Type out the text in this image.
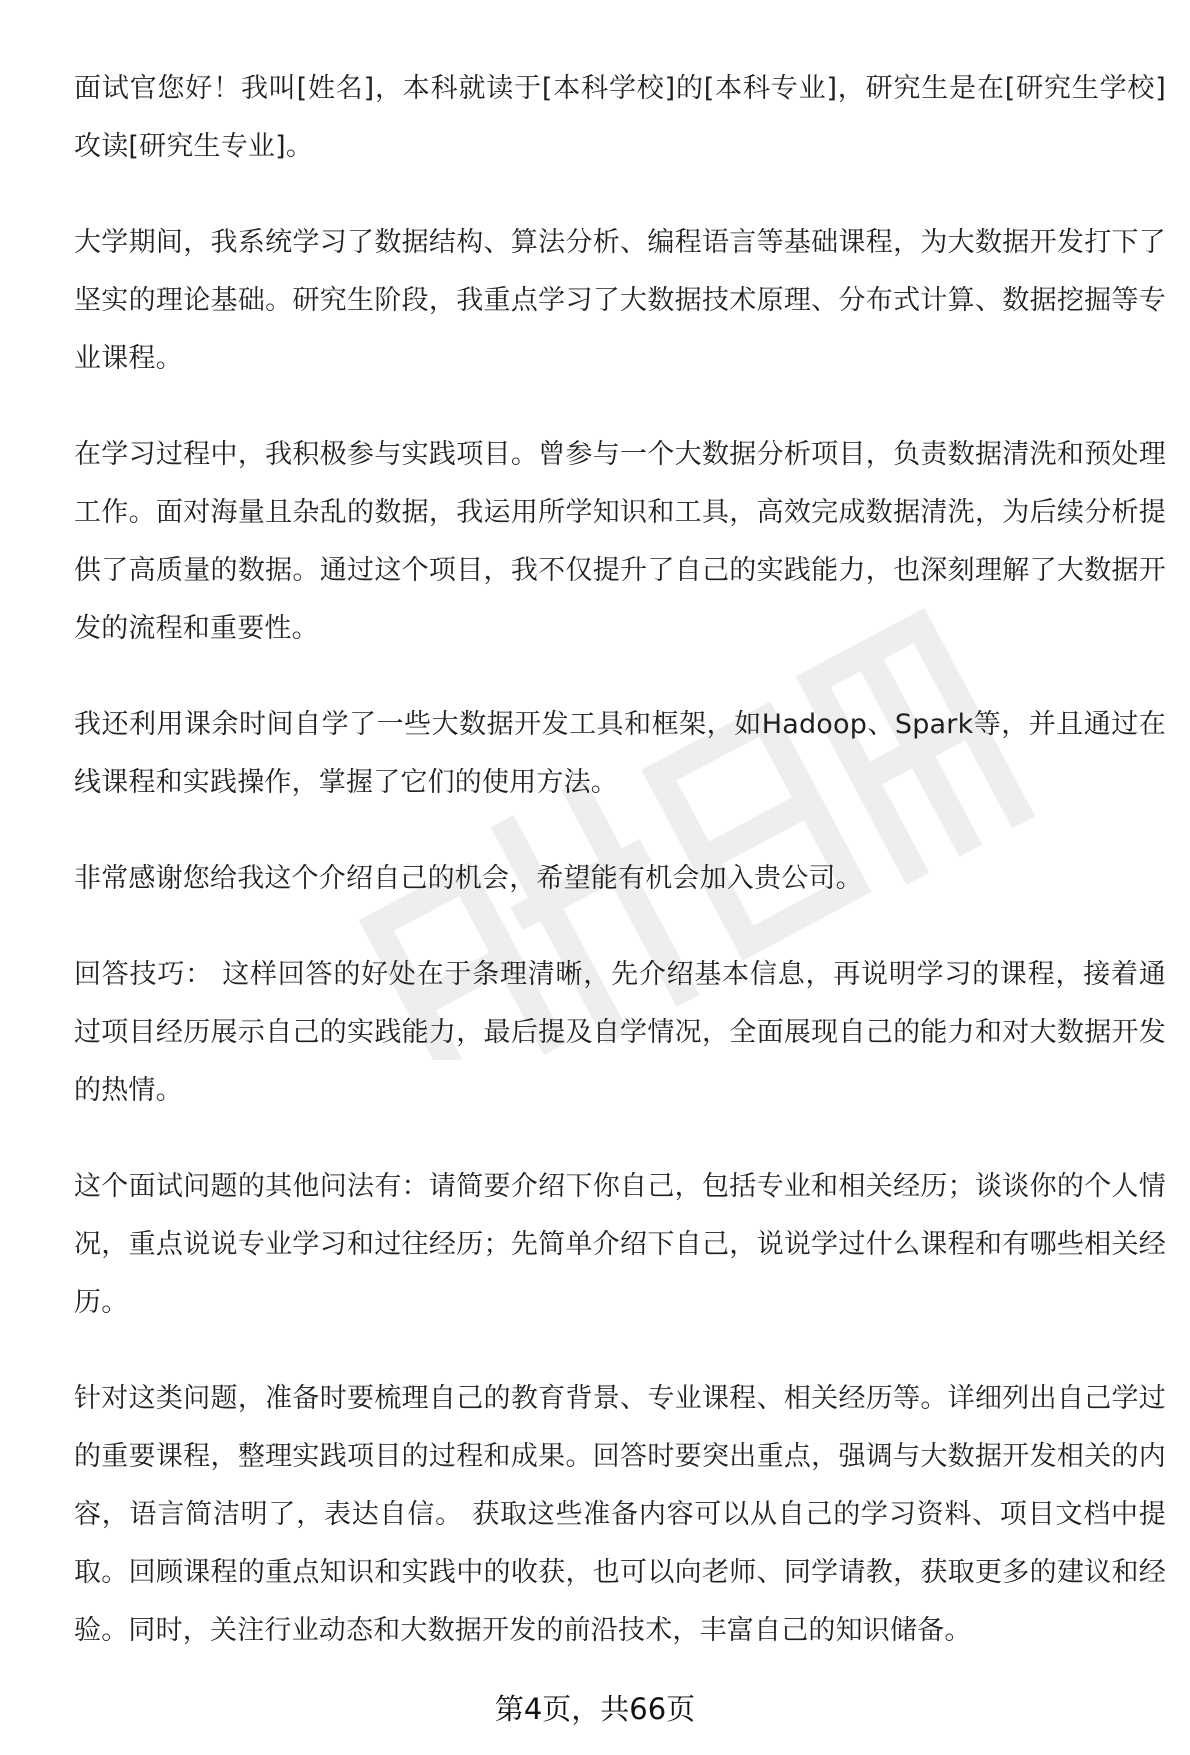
面试官您好！我叫[姓名]，本科就读于[本科学校]的[本科专业]，研究生是在[研究生学校]攻读[研究生专业]。

大学期间，我系统学习了数据结构、算法分析、编程语言等基础课程，为大数据开发打下了坚实的理论基础。研究生阶段，我重点学习了大数据技术原理、分布式计算、数据挖掘等专业课程。

在学习过程中，我积极参与实践项目。曾参与一个大数据分析项目，负责数据清洗和预处理工作。面对海量且杂乱的数据，我运用所学知识和工具，高效完成数据清洗，为后续分析提供了高质量的数据。通过这个项目，我不仅提升了自己的实践能力，也深刻理解了大数据开发的流程和重要性。

我还利用课余时间自学了一些大数据开发工具和框架，如Hadoop、Spark等，并且通过在线课程和实践操作，掌握了它们的使用方法。

非常感谢您给我这个介绍自己的机会，希望能有机会加入贵公司。

回答技巧： 这样回答的好处在于条理清晰，先介绍基本信息，再说明学习的课程，接着通过项目经历展示自己的实践能力，最后提及自学情况，全面展现自己的能力和对大数据开发的热情。

这个面试问题的其他问法有：请简要介绍下你自己，包括专业和相关经历；谈谈你的个人情况，重点说说专业学习和过往经历；先简单介绍下自己，说说学过什么课程和有哪些相关经历。

针对这类问题，准备时要梳理自己的教育背景、专业课程、相关经历等。详细列出自己学过的重要课程，整理实践项目的过程和成果。回答时要突出重点，强调与大数据开发相关的内容，语言简洁明了，表达自信。 获取这些准备内容可以从自己的学习资料、项目文档中提取。回顾课程的重点知识和实践中的收获，也可以向老师、同学请教，获取更多的建议和经验。同时，关注行业动态和大数据开发的前沿技术，丰富自己的知识储备。

第4页，共66页
